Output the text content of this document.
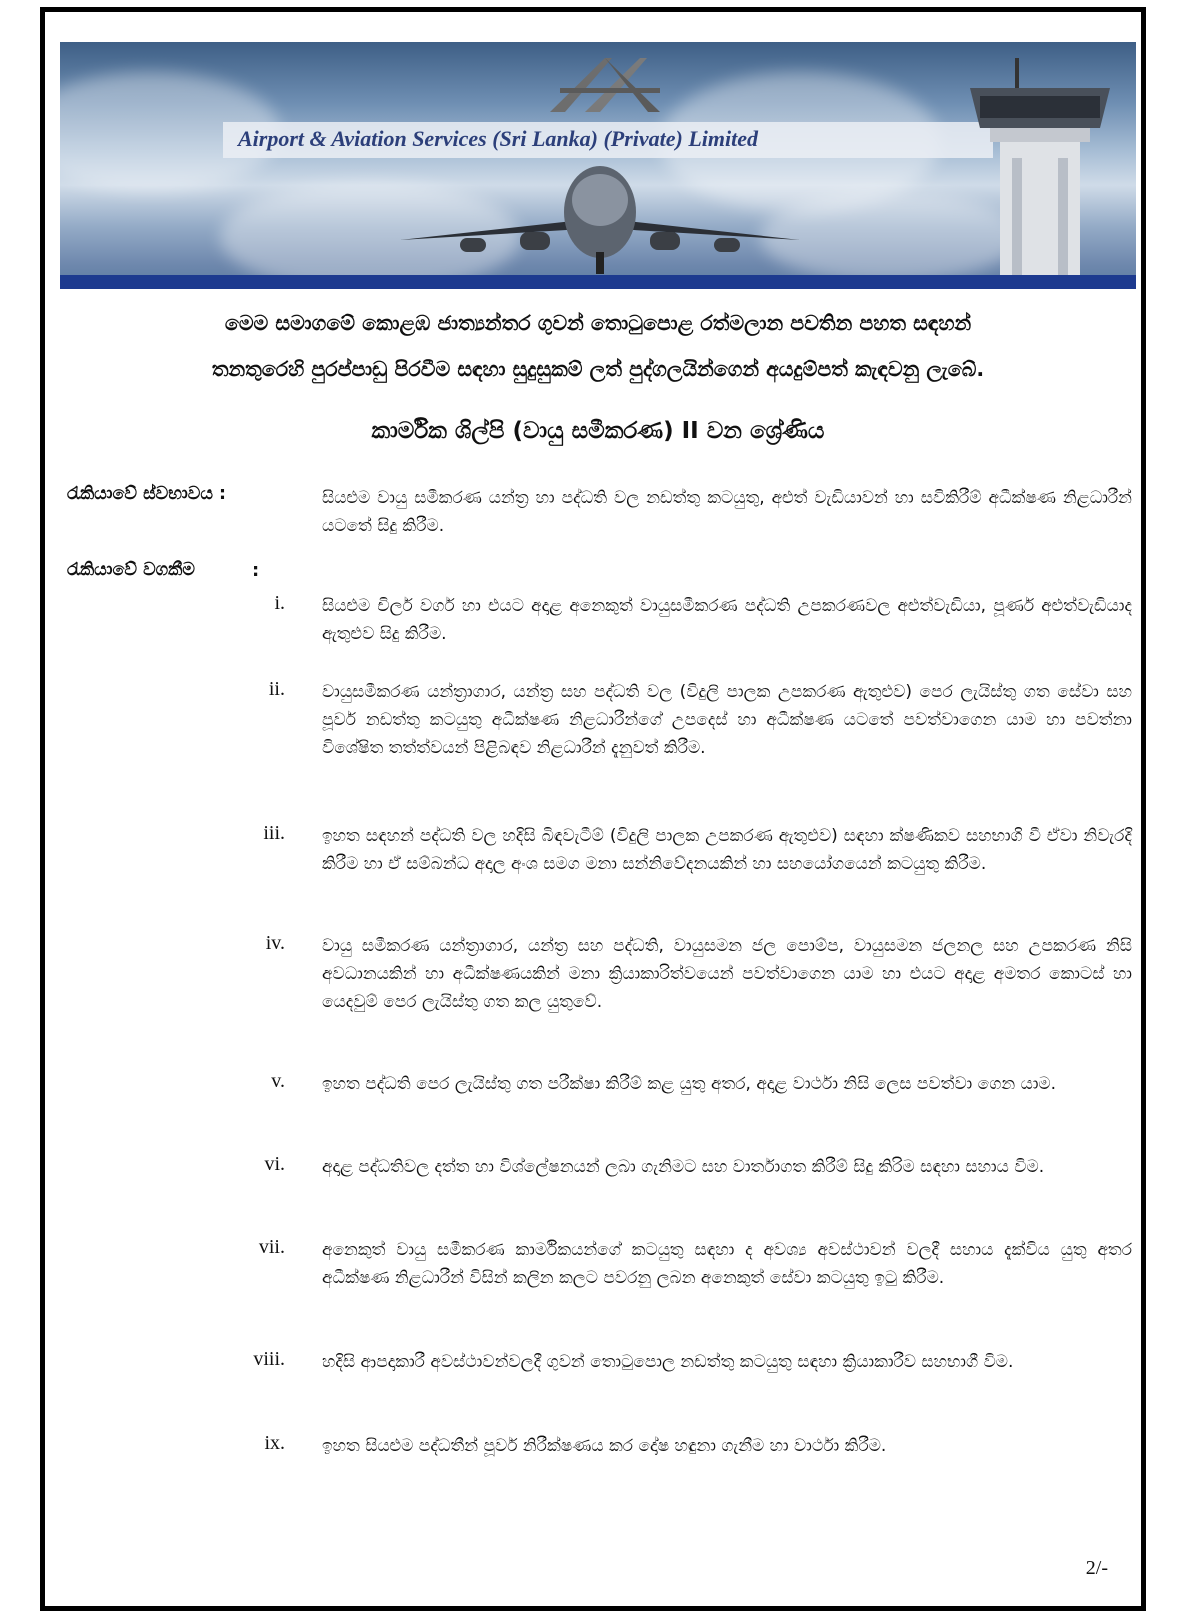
Airport & Aviation Services (Sri Lanka) (Private) Limited
මෙම සමාගමේ කොළඹ ජාත්‍යන්තර ගුවන් තොටුපොළ රත්මලාන පවතින පහත සඳහන්
තනතුරෙහි පුරප්පාඩු පිරවීම සඳහා සුදුසුකම් ලත් පුද්ගලයින්ගෙන් අයදුම්පත් කැඳවනු ලැබේ.
කාර්මික ශිල්පි (වායු සමීකරණ) II වන ශ්‍රේණිය
රැකියාවේ ස්වභාවය :	සියළුම වායු සමීකරණ යන්ත්‍ර හා පද්ධති වල නඩත්තු කටයුතු, අළුත් වැඩියාවන් හා සවිකිරීම් අධීක්ෂණ නිළධාරීන් යටතේ සිදු කිරීම.
රැකියාවේ වගකීම	:
i. සියළුම චිලර් වර්ග හා එයට අදාළ අනෙකුත් වායුසමීකරණ පද්ධති උපකරණවල අළුත්වැඩියා, පූර්ණ අළුත්වැඩියාද ඇතුළුව සිදු කිරීම.
ii. වායුසමීකරණ යන්ත්‍රාගාර, යන්ත්‍ර සහ පද්ධති වල (විදුලි පාලක උපකරණ ඇතුළුව) පෙර ලැයිස්තු ගත සේවා සහ පූර්ව නඩත්තු කටයුතු අධීක්ෂණ නිළධාරීන්ගේ උපදෙස් හා අධීක්ෂණ යටතේ පවත්වාගෙන යාම හා පවත්නා විශේෂිත තත්ත්වයන් පිළිබඳව නිළධාරීන් දැනුවත් කිරීම.
iii. ඉහත සඳහන් පද්ධති වල හදිසි බිඳවැටීම් (විදුලි පාලක උපකරණ ඇතුළුව) සඳහා ක්ෂණිකව සහභාගි වී ඒවා නිවැරදි කිරීම හා ඒ සම්බන්ධ අදාල අංශ සමග මනා සන්නිවේදනයකින් හා සහයෝගයෙන් කටයුතු කිරීම.
iv. වායු සමීකරණ යන්ත්‍රාගාර, යන්ත්‍ර සහ පද්ධති, වායුසමන ජල පොම්ප, වායුසමන ජලනල සහ උපකරණ නිසි අවධානයකින් හා අධීක්ෂණයකින් මනා ක්‍රියාකාරිත්වයෙන් පවත්වාගෙන යාම හා එයට අදාළ අමතර කොටස් හා යෙදවුම් පෙර ලැයිස්තු ගත කල යුතුවේ.
v. ඉහත පද්ධති පෙර ලැයිස්තු ගත පරීක්ෂා කිරීම් කළ යුතු අතර, අදාළ වාර්ථා නිසි ලෙස පවත්වා ගෙන යාම.
vi. අදාළ පද්ධතිවල දත්ත හා විශ්ලේෂනයන් ලබා ගැනිමට සහ වාර්තාගත කිරීම් සිදු කිරිම සඳහා සහාය විම.
vii. අනෙකුත් වායු සමීකරණ කාර්මිකයන්ගේ කටයුතු සඳහා ද අවශ්‍ය අවස්ථාවන් වලදී සහාය දැක්විය යුතු අතර අධීක්ෂණ නිළධාරීන් විසින් කලින කලට පවරනු ලබන අනෙකුත් සේවා කටයුතු ඉටු කිරීම.
viii. හදිසි ආපදාකාරී අවස්ථාවන්වලදී ගුවන් තොටුපොල නඩත්තු කටයුතු සඳහා ක්‍රියාකාරීව සහභාගී විම.
ix. ඉහත සියළුම පද්ධතීන් පූර්ව නිරීක්ෂණය කර දෝෂ හඳුනා ගැනීම හා වාර්ථා කිරීම.
2/-
